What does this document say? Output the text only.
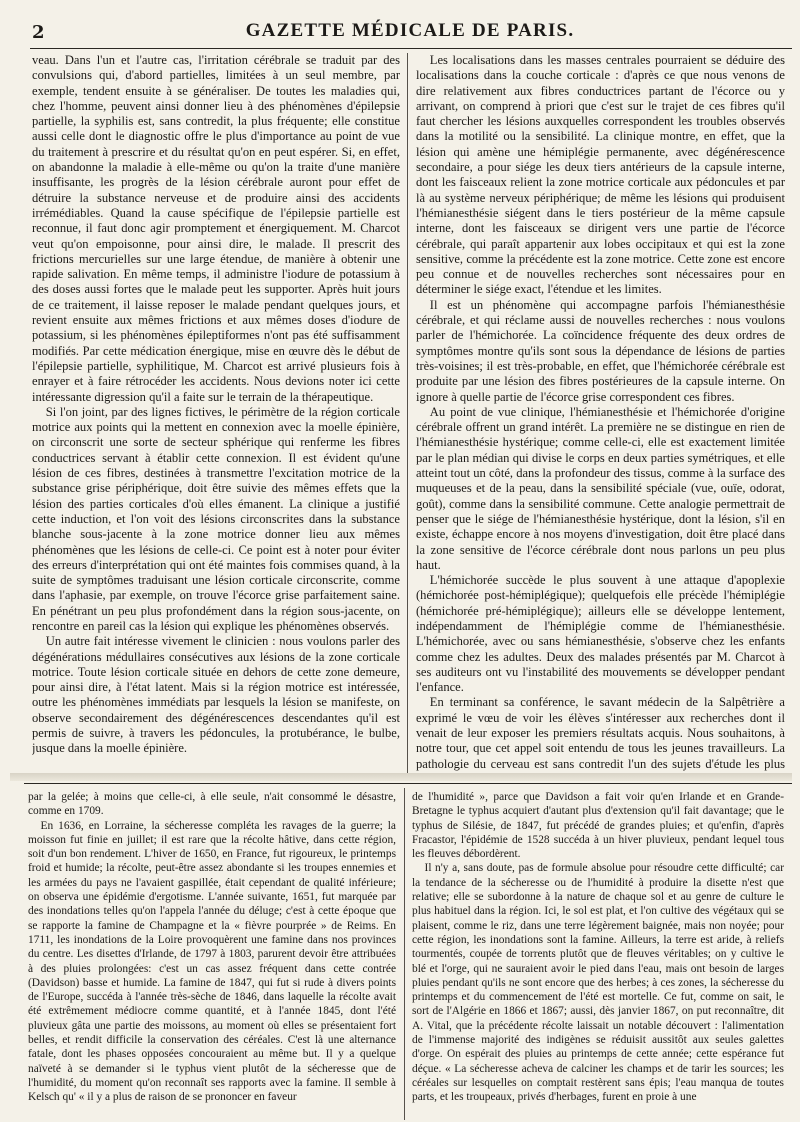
2	GAZETTE MÉDICALE DE PARIS.

veau. Dans l'un et l'autre cas, l'irritation cérébrale se traduit par des convulsions qui, d'abord partielles, limitées à un seul membre, par exemple, tendent ensuite à se généraliser. De toutes les maladies qui, chez l'homme, peuvent ainsi donner lieu à des phénomènes d'épilepsie partielle, la syphilis est, sans contredit, la plus fréquente; elle constitue aussi celle dont le diagnostic offre le plus d'importance au point de vue du traitement à prescrire et du résultat qu'on en peut espérer. Si, en effet, on abandonne la maladie à elle-même ou qu'on la traite d'une manière insuffisante, les progrès de la lésion cérébrale auront pour effet de détruire la substance nerveuse et de produire ainsi des accidents irrémédiables. Quand la cause spécifique de l'épilepsie partielle est reconnue, il faut donc agir promptement et énergiquement. M. Charcot veut qu'on empoisonne, pour ainsi dire, le malade. Il prescrit des frictions mercurielles sur une large étendue, de manière à obtenir une rapide salivation. En même temps, il administre l'iodure de potassium à des doses aussi fortes que le malade peut les supporter. Après huit jours de ce traitement, il laisse reposer le malade pendant quelques jours, et revient ensuite aux mêmes frictions et aux mêmes doses d'iodure de potassium, si les phénomènes épileptiformes n'ont pas été suffisamment modifiés. Par cette médication énergique, mise en œuvre dès le début de l'épilepsie partielle, syphilitique, M. Charcot est arrivé plusieurs fois à enrayer et à faire rétrocéder les accidents. Nous devions noter ici cette intéressante digression qu'il a faite sur le terrain de la thérapeutique.

Si l'on joint, par des lignes fictives, le périmètre de la région corticale motrice aux points qui la mettent en connexion avec la moelle épinière, on circonscrit une sorte de secteur sphérique qui renferme les fibres conductrices servant à établir cette connexion. Il est évident qu'une lésion de ces fibres, destinées à transmettre l'excitation motrice de la substance grise périphérique, doit être suivie des mêmes effets que la lésion des parties corticales d'où elles émanent. La clinique a justifié cette induction, et l'on voit des lésions circonscrites dans la substance blanche sous-jacente à la zone motrice donner lieu aux mêmes phénomènes que les lésions de celle-ci. Ce point est à noter pour éviter des erreurs d'interprétation qui ont été maintes fois commises quand, à la suite de symptômes traduisant une lésion corticale circonscrite, comme dans l'aphasie, par exemple, on trouve l'écorce grise parfaitement saine. En pénétrant un peu plus profondément dans la région sous-jacente, on rencontre en pareil cas la lésion qui explique les phénomènes observés.

Un autre fait intéresse vivement le clinicien : nous voulons parler des dégénérations médullaires consécutives aux lésions de la zone corticale motrice. Toute lésion corticale située en dehors de cette zone demeure, pour ainsi dire, à l'état latent. Mais si la région motrice est intéressée, outre les phénomènes immédiats par lesquels la lésion se manifeste, on observe secondairement des dégénérescences descendantes qu'il est permis de suivre, à travers les pédoncules, la protubérance, le bulbe, jusque dans la moelle épinière.

Les localisations dans les masses centrales pourraient se déduire des localisations dans la couche corticale : d'après ce que nous venons de dire relativement aux fibres conductrices partant de l'écorce ou y arrivant, on comprend à priori que c'est sur le trajet de ces fibres qu'il faut chercher les lésions auxquelles correspondent les troubles observés dans la motilité ou la sensibilité. La clinique montre, en effet, que la lésion qui amène une hémiplégie permanente, avec dégénérescence secondaire, a pour siége les deux tiers antérieurs de la capsule interne, dont les faisceaux relient la zone motrice corticale aux pédoncules et par là au système nerveux périphérique; de même les lésions qui produisent l'hémianesthésie siégent dans le tiers postérieur de la même capsule interne, dont les faisceaux se dirigent vers une partie de l'écorce cérébrale, qui paraît appartenir aux lobes occipitaux et qui est la zone sensitive, comme la précédente est la zone motrice. Cette zone est encore peu connue et de nouvelles recherches sont nécessaires pour en déterminer le siége exact, l'étendue et les limites.

Il est un phénomène qui accompagne parfois l'hémianesthésie cérébrale, et qui réclame aussi de nouvelles recherches : nous voulons parler de l'hémichorée. La coïncidence fréquente des deux ordres de symptômes montre qu'ils sont sous la dépendance de lésions de parties très-voisines; il est très-probable, en effet, que l'hémichorée cérébrale est produite par une lésion des fibres postérieures de la capsule interne. On ignore à quelle partie de l'écorce grise correspondent ces fibres.

Au point de vue clinique, l'hémianesthésie et l'hémichorée d'origine cérébrale offrent un grand intérêt. La première ne se distingue en rien de l'hémianesthésie hystérique; comme celle-ci, elle est exactement limitée par le plan médian qui divise le corps en deux parties symétriques, et elle atteint tout un côté, dans la profondeur des tissus, comme à la surface des muqueuses et de la peau, dans la sensibilité spéciale (vue, ouïe, odorat, goût), comme dans la sensibilité commune. Cette analogie permettrait de penser que le siége de l'hémianesthésie hystérique, dont la lésion, s'il en existe, échappe encore à nos moyens d'investigation, doit être placé dans la zone sensitive de l'écorce cérébrale dont nous parlons un peu plus haut.

L'hémichorée succède le plus souvent à une attaque d'apoplexie (hémichorée post-hémiplégique); quelquefois elle précède l'hémiplégie (hémichorée pré-hémiplégique); ailleurs elle se développe lentement, indépendamment de l'hémiplégie comme de l'hémianesthésie. L'hémichorée, avec ou sans hémianesthésie, s'observe chez les enfants comme chez les adultes. Deux des malades présentés par M. Charcot à ses auditeurs ont vu l'instabilité des mouvements se développer pendant l'enfance.

En terminant sa conférence, le savant médecin de la Salpêtrière a exprimé le vœu de voir les élèves s'intéresser aux recherches dont il venait de leur exposer les premiers résultats acquis. Nous souhaitons, à notre tour, que cet appel soit entendu de tous les jeunes travailleurs. La pathologie du cerveau est sans contredit l'un des sujets d'étude les plus

par la gelée; à moins que celle-ci, à elle seule, n'ait consommé le désastre, comme en 1709.

En 1636, en Lorraine, la sécheresse compléta les ravages de la guerre; la moisson fut finie en juillet; il est rare que la récolte hâtive, dans cette région, soit d'un bon rendement. L'hiver de 1650, en France, fut rigoureux, le printemps froid et humide; la récolte, peut-être assez abondante si les troupes ennemies et les armées du pays ne l'avaient gaspillée, était cependant de qualité inférieure; on observa une épidémie d'ergotisme. L'année suivante, 1651, fut marquée par des inondations telles qu'on l'appela l'année du déluge; c'est à cette époque que se rapporte la famine de Champagne et la « fièvre pourprée » de Reims. En 1711, les inondations de la Loire provoquèrent une famine dans nos provinces du centre. Les disettes d'Irlande, de 1797 à 1803, parurent devoir être attribuées à des pluies prolongées: c'est un cas assez fréquent dans cette contrée (Davidson) basse et humide. La famine de 1847, qui fut si rude à divers points de l'Europe, succéda à l'année très-sèche de 1846, dans laquelle la récolte avait été extrêmement médiocre comme quantité, et à l'année 1845, dont l'été pluvieux gâta une partie des moissons, au moment où elles se présentaient fort belles, et rendit difficile la conservation des céréales. C'est là une alternance fatale, dont les phases opposées concouraient au même but. Il y a quelque naïveté à se demander si le typhus vient plutôt de la sécheresse que de l'humidité, du moment qu'on reconnaît ses rapports avec la famine. Il semble à Kelsch qu' « il y a plus de raison de se prononcer en faveur

de l'humidité », parce que Davidson a fait voir qu'en Irlande et en Grande-Bretagne le typhus acquiert d'autant plus d'extension qu'il fait davantage; que le typhus de Silésie, de 1847, fut précédé de grandes pluies; et qu'enfin, d'après Fracastor, l'épidémie de 1528 succéda à un hiver pluvieux, pendant lequel tous les fleuves débordèrent.

Il n'y a, sans doute, pas de formule absolue pour résoudre cette difficulté; car la tendance de la sécheresse ou de l'humidité à produire la disette n'est que relative; elle se subordonne à la nature de chaque sol et au genre de culture le plus habituel dans la région. Ici, le sol est plat, et l'on cultive des végétaux qui se plaisent, comme le riz, dans une terre légèrement baignée, mais non noyée; pour cette région, les inondations sont la famine. Ailleurs, la terre est aride, à reliefs tourmentés, coupée de torrents plutôt que de fleuves véritables; on y cultive le blé et l'orge, qui ne sauraient avoir le pied dans l'eau, mais ont besoin de larges pluies pendant qu'ils ne sont encore que des herbes; à ces zones, la sécheresse du printemps et du commencement de l'été est mortelle. Ce fut, comme on sait, le sort de l'Algérie en 1866 et 1867; aussi, dès janvier 1867, on put reconnaître, dit A. Vital, que la précédente récolte laissait un notable découvert : l'alimentation de l'immense majorité des indigènes se réduisit aussitôt aux seules galettes d'orge. On espérait des pluies au printemps de cette année; cette espérance fut déçue. « La sécheresse acheva de calciner les champs et de tarir les sources; les céréales sur lesquelles on comptait restèrent sans épis; l'eau manqua de toutes parts, et les troupeaux, privés d'herbages, furent en proie à une
